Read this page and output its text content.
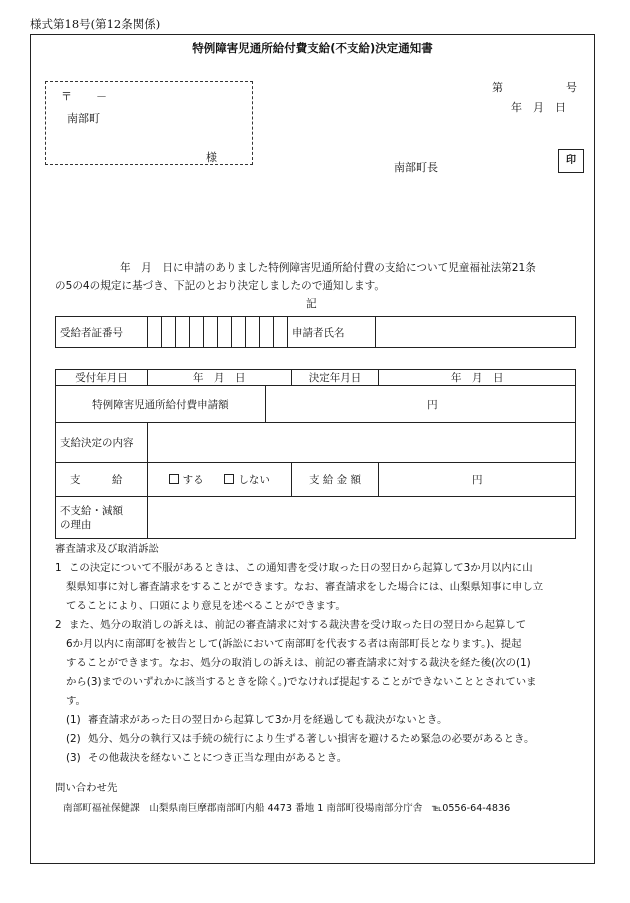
様式第18号(第12条関係)
特例障害児通所給付費支給(不支給)決定通知書
〒 －
南部町
様
第	号
年　月　日
南部町長
印
年　月　日に申請のありました特例障害児通所給付費の支給について児童福祉法第21条
の5の4の規定に基づき、下記のとおり決定しましたので通知します。
記
受給者証番号											申請者氏名	
受付年月日	年　月　日		決定年月日	年　月　日
特例障害児通所給付費申請額		円		
支給決定の内容				
支　　　給	する しない		支 給 金 額	円
不支給・減額
の理由				
審査請求及び取消訴訟
1 この決定について不服があるときは、この通知書を受け取った日の翌日から起算して3か月以内に山
梨県知事に対し審査請求をすることができます。なお、審査請求をした場合には、山梨県知事に申し立
てることにより、口頭により意見を述べることができます。
2 また、処分の取消しの訴えは、前記の審査請求に対する裁決書を受け取った日の翌日から起算して
6か月以内に南部町を被告として(訴訟において南部町を代表する者は南部町長となります。)、提起
することができます。なお、処分の取消しの訴えは、前記の審査請求に対する裁決を経た後(次の(1)
から(3)までのいずれかに該当するときを除く。)でなければ提起することができないこととされていま
す。
(1) 審査請求があった日の翌日から起算して3か月を経過しても裁決がないとき。
(2) 処分、処分の執行又は手続の続行により生ずる著しい損害を避けるため緊急の必要があるとき。
(3) その他裁決を経ないことにつき正当な理由があるとき。
問い合わせ先
南部町福祉保健課　山梨県南巨摩郡南部町内船 4473 番地 1 南部町役場南部分庁舎　℡0556-64-4836
